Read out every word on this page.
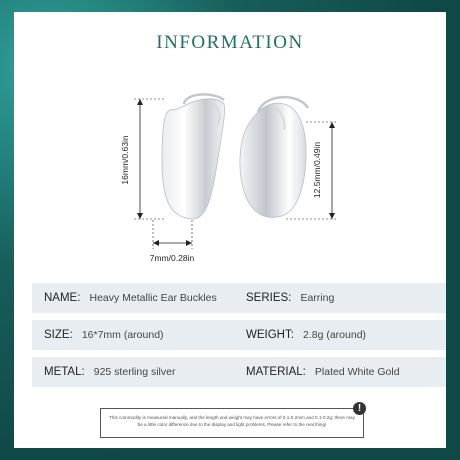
INFORMATION
16mm/0.63in	12.5mm/0.49in
7mm/0.28in
NAME: Heavy Metallic Ear Buckles	SERIES: Earring
SIZE: 16*7mm (around)	WEIGHT: 2.8g (around)
METAL: 925 sterling silver	MATERIAL: Plated White Gold
This commodity is measured manually, and the length and weight may have errors of 0.1-0.2mm and 0.1-0.2g; there may be a little color difference due to the display and light problems. Please refer to the real thing!
!
